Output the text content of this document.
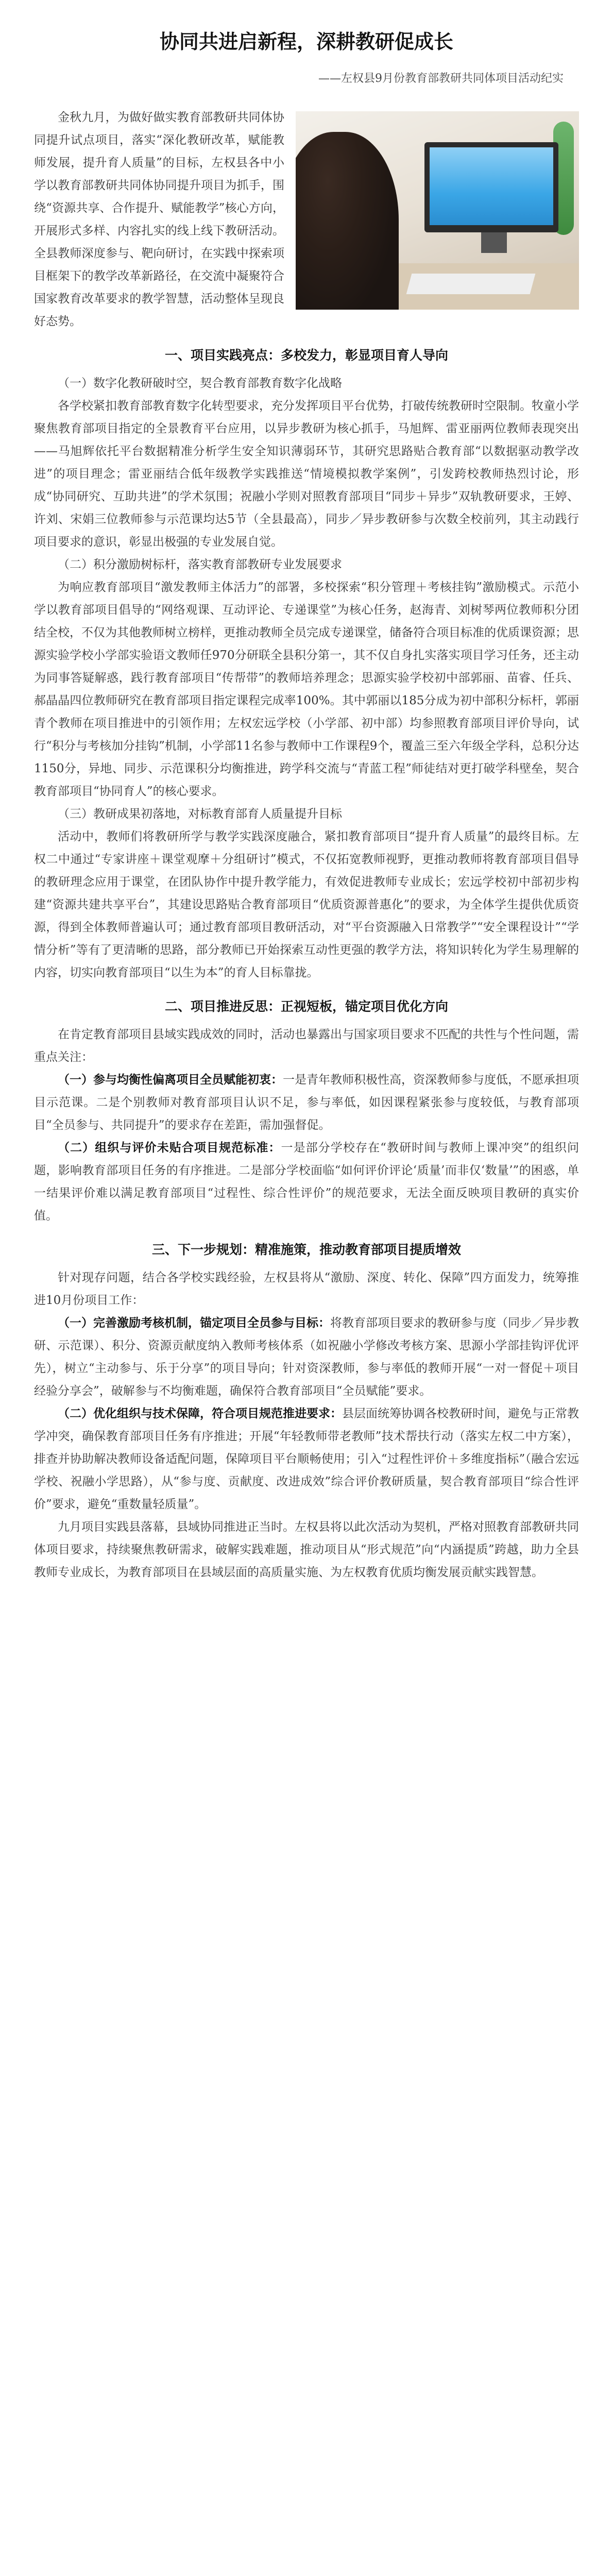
协同共进启新程，深耕教研促成长
——左权县9月份教育部教研共同体项目活动纪实

金秋九月，为做好做实教育部教研共同体协同提升试点项目，落实“深化教研改革，赋能教师发展，提升育人质量”的目标，左权县各中小学以教育部教研共同体协同提升项目为抓手，围绕“资源共享、合作提升、赋能教学”核心方向，开展形式多样、内容扎实的线上线下教研活动。全县教师深度参与、靶向研讨，在实践中探索项目框架下的教学改革新路径，在交流中凝聚符合国家教育改革要求的教学智慧，活动整体呈现良好态势。

一、项目实践亮点：多校发力，彰显项目育人导向

（一）数字化教研破时空，契合教育部教育数字化战略

各学校紧扣教育部教育数字化转型要求，充分发挥项目平台优势，打破传统教研时空限制。牧童小学聚焦教育部项目指定的全景教育平台应用，以异步教研为核心抓手，马旭辉、雷亚丽两位教师表现突出——马旭辉依托平台数据精准分析学生安全知识薄弱环节，其研究思路贴合教育部“以数据驱动教学改进”的项目理念；雷亚丽结合低年级教学实践推送“情境模拟教学案例”，引发跨校教师热烈讨论，形成“协同研究、互助共进”的学术氛围；祝融小学则对照教育部项目“同步＋异步”双轨教研要求，王婷、许刘、宋娟三位教师参与示范课均达5节（全县最高），同步／异步教研参与次数全校前列，其主动践行项目要求的意识，彰显出极强的专业发展自觉。

（二）积分激励树标杆，落实教育部教研专业发展要求

为响应教育部项目“激发教师主体活力”的部署，多校探索“积分管理＋考核挂钩”激励模式。示范小学以教育部项目倡导的“网络观课、互动评论、专递课堂”为核心任务，赵海青、刘树琴两位教师积分团结全校，不仅为其他教师树立榜样，更推动教师全员完成专递课堂，储备符合项目标准的优质课资源；思源实验学校小学部实验语文教师任970分研联全县积分第一，其不仅自身扎实落实项目学习任务，还主动为同事答疑解惑，践行教育部项目“传帮带”的教师培养理念；思源实验学校初中部郭丽、苗睿、任兵、郝晶晶四位教师研究在教育部项目指定课程完成率100%。其中郭丽以185分成为初中部积分标杆，郭丽青个教师在项目推进中的引领作用；左权宏远学校（小学部、初中部）均参照教育部项目评价导向，试行“积分与考核加分挂钩”机制，小学部11名参与教师中工作课程9个，覆盖三至六年级全学科，总积分达1150分，异地、同步、示范课积分均衡推进，跨学科交流与“青蓝工程”师徒结对更打破学科壁垒，契合教育部项目“协同育人”的核心要求。

（三）教研成果初落地，对标教育部育人质量提升目标

活动中，教师们将教研所学与教学实践深度融合，紧扣教育部项目“提升育人质量”的最终目标。左权二中通过“专家讲座＋课堂观摩＋分组研讨”模式，不仅拓宽教师视野，更推动教师将教育部项目倡导的教研理念应用于课堂，在团队协作中提升教学能力，有效促进教师专业成长；宏远学校初中部初步构建“资源共建共享平台”，其建设思路贴合教育部项目“优质资源普惠化”的要求，为全体学生提供优质资源，得到全体教师普遍认可；通过教育部项目教研活动，对“平台资源融入日常教学”“安全课程设计”“学情分析”等有了更清晰的思路，部分教师已开始探索互动性更强的教学方法，将知识转化为学生易理解的内容，切实向教育部项目“以生为本”的育人目标靠拢。

二、项目推进反思：正视短板，锚定项目优化方向

在肯定教育部项目县域实践成效的同时，活动也暴露出与国家项目要求不匹配的共性与个性问题，需重点关注：

（一）参与均衡性偏离项目全员赋能初衷：一是青年教师积极性高，资深教师参与度低，不愿承担项目示范课。二是个别教师对教育部项目认识不足，参与率低，如因课程紧张参与度较低，与教育部项目“全员参与、共同提升”的要求存在差距，需加强督促。

（二）组织与评价未贴合项目规范标准：一是部分学校存在“教研时间与教师上课冲突”的组织问题，影响教育部项目任务的有序推进。二是部分学校面临“如何评价评论‘质量’而非仅‘数量’”的困惑，单一结果评价难以满足教育部项目“过程性、综合性评价”的规范要求，无法全面反映项目教研的真实价值。

三、下一步规划：精准施策，推动教育部项目提质增效

针对现存问题，结合各学校实践经验，左权县将从“激励、深度、转化、保障”四方面发力，统筹推进10月份项目工作：

（一）完善激励考核机制，锚定项目全员参与目标：将教育部项目要求的教研参与度（同步／异步教研、示范课）、积分、资源贡献度纳入教师考核体系（如祝融小学修改考核方案、思源小学部挂钩评优评先），树立“主动参与、乐于分享”的项目导向；针对资深教师，参与率低的教师开展“一对一督促＋项目经验分享会”，破解参与不均衡难题，确保符合教育部项目“全员赋能”要求。

（二）优化组织与技术保障，符合项目规范推进要求：县层面统筹协调各校教研时间，避免与正常教学冲突，确保教育部项目任务有序推进；开展“年轻教师带老教师”技术帮扶行动（落实左权二中方案），排查并协助解决教师设备适配问题，保障项目平台顺畅使用；引入“过程性评价＋多维度指标”（融合宏远学校、祝融小学思路），从“参与度、贡献度、改进成效”综合评价教研质量，契合教育部项目“综合性评价”要求，避免“重数量轻质量”。

九月项目实践县落幕，县域协同推进正当时。左权县将以此次活动为契机，严格对照教育部教研共同体项目要求，持续聚焦教研需求，破解实践难题，推动项目从“形式规范”向“内涵提质”跨越，助力全县教师专业成长，为教育部项目在县域层面的高质量实施、为左权教育优质均衡发展贡献实践智慧。
